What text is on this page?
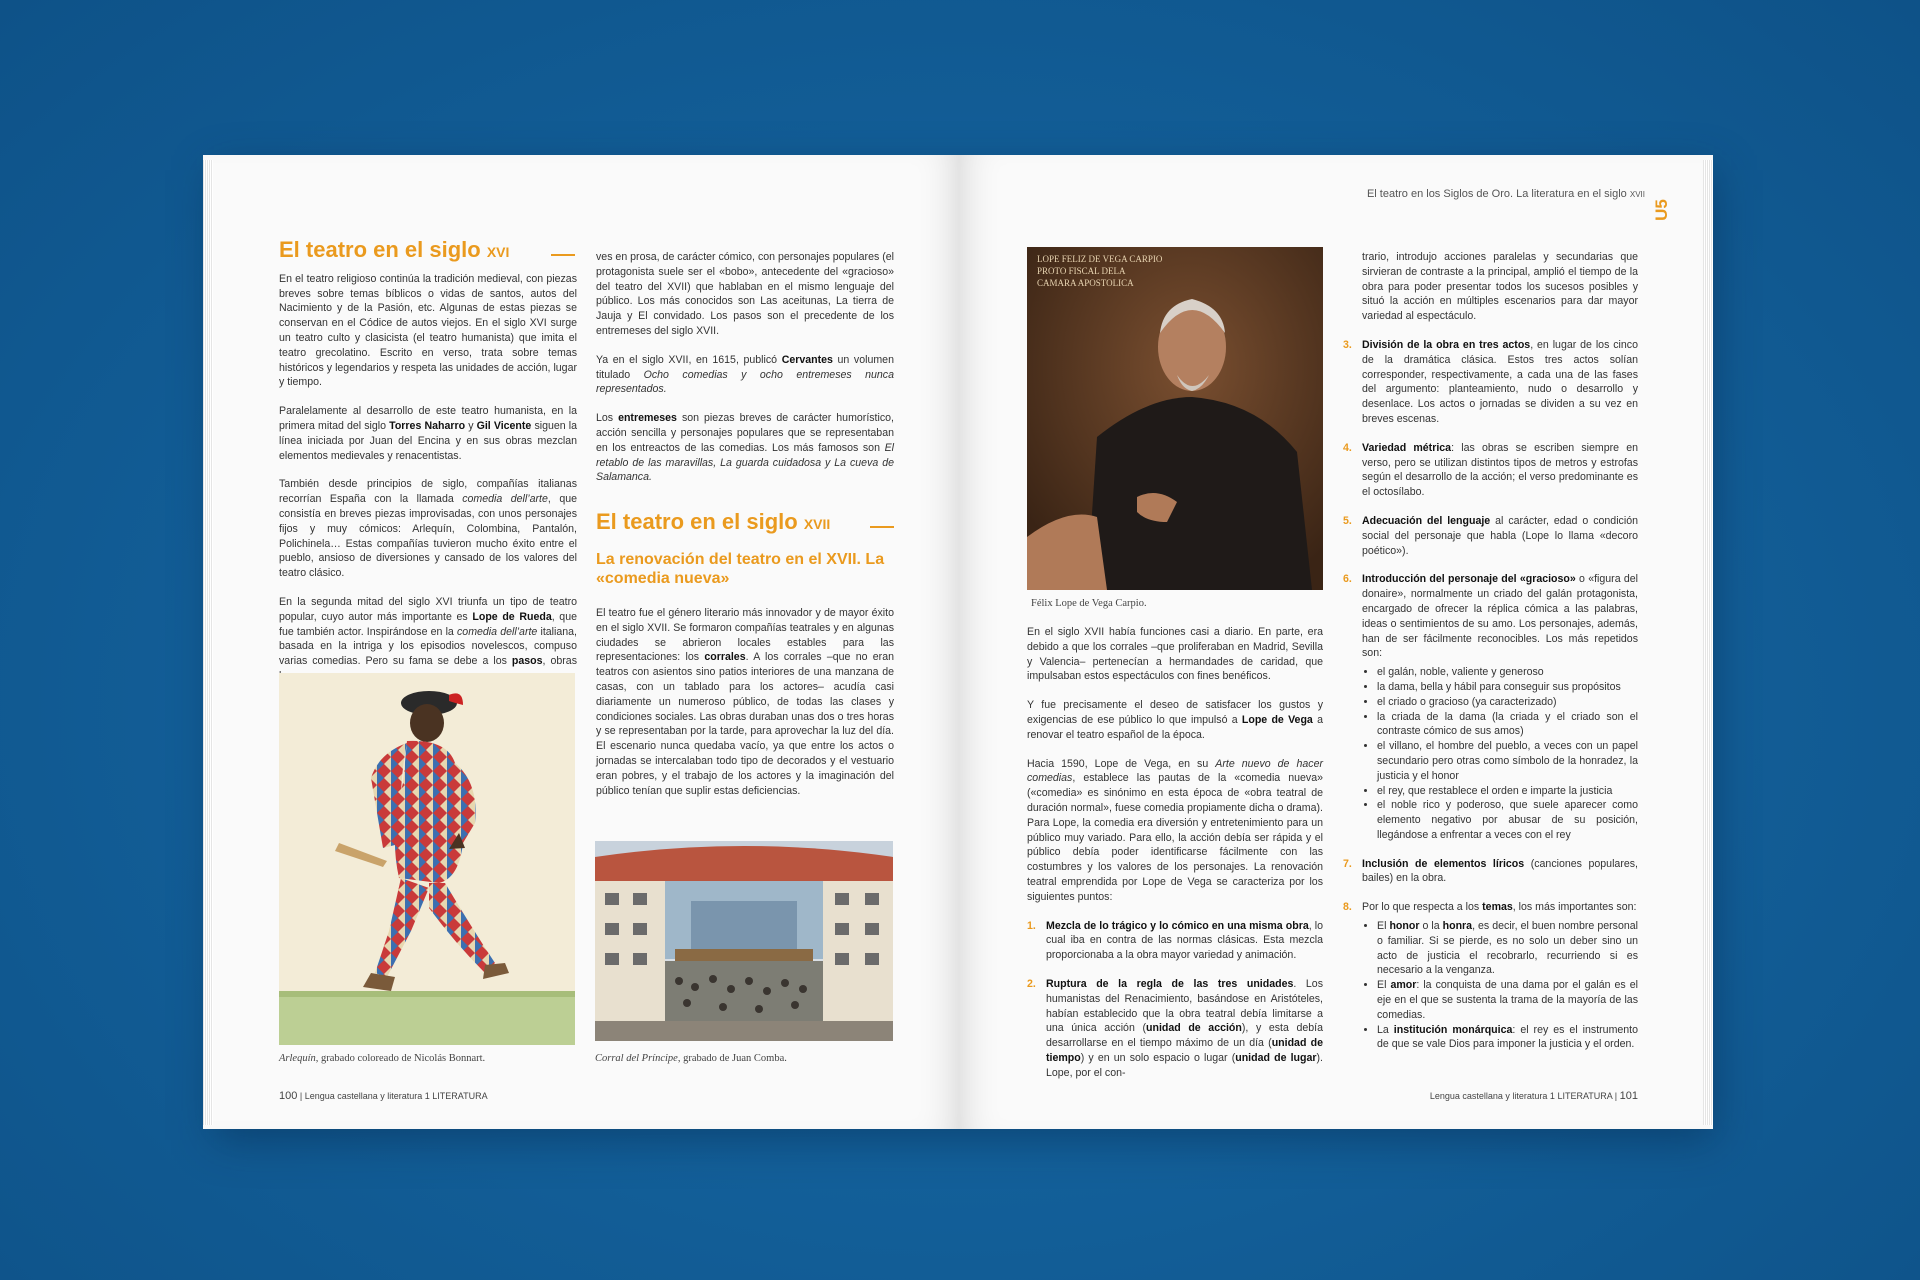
El teatro en el siglo XVI

En el teatro religioso continúa la tradición medieval, con piezas breves sobre temas bíblicos o vidas de santos, autos del Nacimiento y de la Pasión, etc. Algunas de estas piezas se conservan en el Códice de autos viejos. En el siglo XVI surge un teatro culto y clasicista (el teatro humanista) que imita el teatro grecolatino. Escrito en verso, trata sobre temas históricos y legendarios y respeta las unidades de acción, lugar y tiempo.

Paralelamente al desarrollo de este teatro humanista, en la primera mitad del siglo Torres Naharro y Gil Vicente siguen la línea iniciada por Juan del Encina y en sus obras mezclan elementos medievales y renacentistas.

También desde principios de siglo, compañías italianas recorrían España con la llamada comedia dell’arte, que consistía en breves piezas improvisadas, con unos personajes fijos y muy cómicos: Arlequín, Colombina, Pantalón, Polichinela… Estas compañías tuvieron mucho éxito entre el pueblo, ansioso de diversiones y cansado de los valores del teatro clásico.

En la segunda mitad del siglo XVI triunfa un tipo de teatro popular, cuyo autor más importante es Lope de Rueda, que fue también actor. Inspirándose en la comedia dell’arte italiana, basada en la intriga y los episodios novelescos, compuso varias comedias. Pero su fama se debe a los pasos, obras

Arlequín, grabado coloreado de Nicolás Bonnart.

ves en prosa, de carácter cómico, con personajes populares (el protagonista suele ser el «bobo», antecedente del «gracioso» del teatro del XVII) que hablaban en el mismo lenguaje del público. Los más conocidos son Las aceitunas, La tierra de Jauja y El convidado. Los pasos son el precedente de los entremeses del siglo XVII.

Ya en el siglo XVII, en 1615, publicó Cervantes un volumen titulado Ocho comedias y ocho entremeses nunca representados.

Los entremeses son piezas breves de carácter humorístico, acción sencilla y personajes populares que se representaban en los entreactos de las comedias. Los más famosos son El retablo de las maravillas, La guarda cuidadosa y La cueva de Salamanca.

El teatro en el siglo XVII
La renovación del teatro en el XVII. La «comedia nueva»

El teatro fue el género literario más innovador y de mayor éxito en el siglo XVII. Se formaron compañías teatrales y en algunas ciudades se abrieron locales estables para las representaciones: los corrales. A los corrales –que no eran teatros con asientos sino patios interiores de una manzana de casas, con un tablado para los actores– acudía casi diariamente un numeroso público, de todas las clases y condiciones sociales. Las obras duraban unas dos o tres horas y se representaban por la tarde, para aprovechar la luz del día. El escenario nunca quedaba vacío, ya que entre los actos o jornadas se intercalaban todo tipo de decorados y el vestuario eran pobres, y el trabajo de los actores y la imaginación del público tenían que suplir estas deficiencias.

Corral del Príncipe, grabado de Juan Comba.
100 | Lengua castellana y literatura 1 LITERATURA
El teatro en los Siglos de Oro. La literatura en el siglo XVII
U5
LOPE FELIZ DE VEGA CARPIO
PROTO FISCAL DELA
CAMARA APOSTOLICA
Félix Lope de Vega Carpio.

En el siglo XVII había funciones casi a diario. En parte, era debido a que los corrales –que proliferaban en Madrid, Sevilla y Valencia– pertenecían a hermandades de caridad, que impulsaban estos espectáculos con fines benéficos.

Y fue precisamente el deseo de satisfacer los gustos y exigencias de ese público lo que impulsó a Lope de Vega a renovar el teatro español de la época.

Hacia 1590, Lope de Vega, en su Arte nuevo de hacer comedias, establece las pautas de la «comedia nueva» («comedia» es sinónimo en esta época de «obra teatral de duración normal», fuese comedia propiamente dicha o drama). Para Lope, la comedia era diversión y entretenimiento para un público muy variado. Para ello, la acción debía ser rápida y el público debía poder identificarse fácilmente con las costumbres y los valores de los personajes. La renovación teatral emprendida por Lope de Vega se caracteriza por los siguientes puntos:

1. Mezcla de lo trágico y lo cómico en una misma obra, lo cual iba en contra de las normas clásicas. Esta mezcla proporcionaba a la obra mayor variedad y animación.
2. Ruptura de la regla de las tres unidades. Los humanistas del Renacimiento, basándose en Aristóteles, habían establecido que la obra teatral debía limitarse a una única acción (unidad de acción), y esta debía desarrollarse en el tiempo máximo de un día (unidad de tiempo) y en un solo espacio o lugar (unidad de lugar). Lope, por el con-

trario, introdujo acciones paralelas y secundarias que sirvieran de contraste a la principal, amplió el tiempo de la obra para poder presentar todos los sucesos posibles y situó la acción en múltiples escenarios para dar mayor variedad al espectáculo.

3. División de la obra en tres actos, en lugar de los cinco de la dramática clásica. Estos tres actos solían corresponder, respectivamente, a cada una de las fases del argumento: planteamiento, nudo o desarrollo y desenlace. Los actos o jornadas se dividen a su vez en breves escenas.
4. Variedad métrica: las obras se escriben siempre en verso, pero se utilizan distintos tipos de metros y estrofas según el desarrollo de la acción; el verso predominante es el octosílabo.
5. Adecuación del lenguaje al carácter, edad o condición social del personaje que habla (Lope lo llama «decoro poético»).
6. Introducción del personaje del «gracioso» o «figura del donaire», normalmente un criado del galán protagonista, encargado de ofrecer la réplica cómica a las palabras, ideas o sentimientos de su amo. Los personajes, además, han de ser fácilmente reconocibles. Los más repetidos son:
• el galán, noble, valiente y generoso
• la dama, bella y hábil para conseguir sus propósitos
• el criado o gracioso (ya caracterizado)
• la criada de la dama (la criada y el criado son el contraste cómico de sus amos)
• el villano, el hombre del pueblo, a veces con un papel secundario pero otras como símbolo de la honradez, la justicia y el honor
• el rey, que restablece el orden e imparte la justicia
• el noble rico y poderoso, que suele aparecer como elemento negativo por abusar de su posición, llegándose a enfrentar a veces con el rey
7. Inclusión de elementos líricos (canciones populares, bailes) en la obra.
8. Por lo que respecta a los temas, los más importantes son:
• El honor o la honra, es decir, el buen nombre personal o familiar. Si se pierde, es no solo un deber sino un acto de justicia el recobrarlo, recurriendo si es necesario a la venganza.
• El amor: la conquista de una dama por el galán es el eje en el que se sustenta la trama de la mayoría de las comedias.
• La institución monárquica: el rey es el instrumento de que se vale Dios para imponer la justicia y el orden.
Lengua castellana y literatura 1 LITERATURA | 101
